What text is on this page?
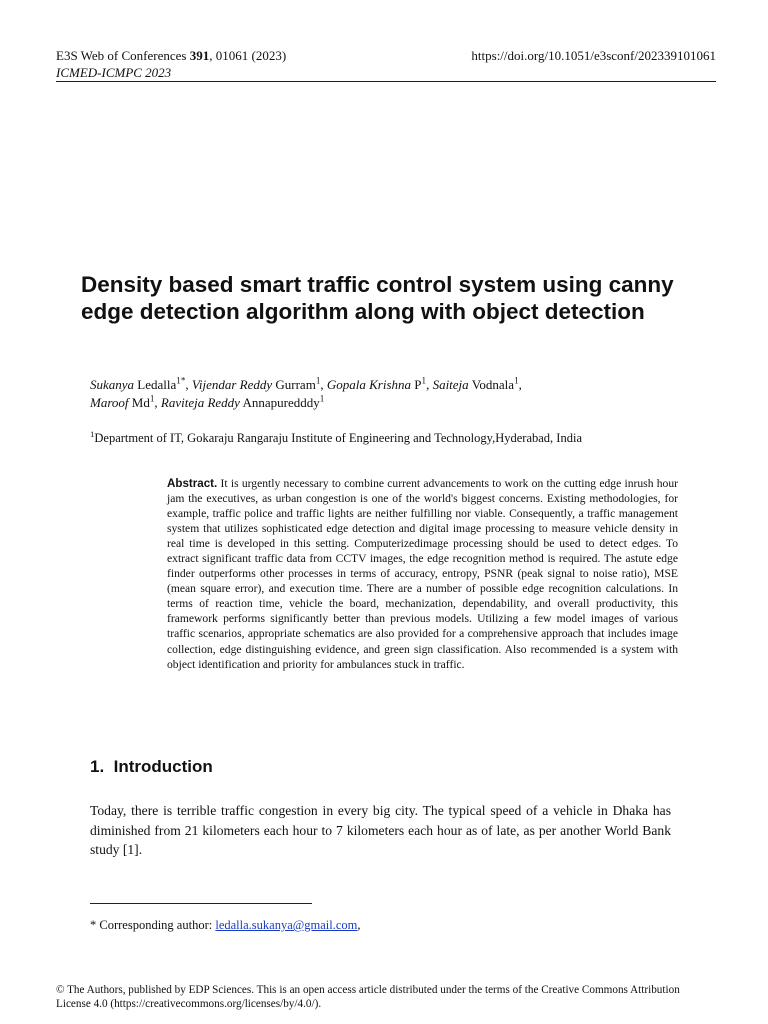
E3S Web of Conferences 391, 01061 (2023)
ICMED-ICMPC 2023
https://doi.org/10.1051/e3sconf/202339101061
Density based smart traffic control system using canny edge detection algorithm along with object detection
Sukanya Ledalla$^{1*}$, Vijendar Reddy Gurram$^1$, Gopala Krishna $P^1$, Saiteja Vodnala$^1$,
Maroof Md$^1$, Raviteja Reddy Annapuredddy$^1$
$^1$Department of IT, Gokaraju Rangaraju Institute of Engineering and Technology,Hyderabad, India
Abstract. It is urgently necessary to combine current advancements to work on the cutting edge inrush hour jam the executives, as urban congestion is one of the world's biggest concerns. Existing methodologies, for example, traffic police and traffic lights are neither fulfilling nor viable. Consequently, a traffic management system that utilizes sophisticated edge detection and digital image processing to measure vehicle density in real time is developed in this setting. Computerizedimage processing should be used to detect edges. To extract significant traffic data from CCTV images, the edge recognition method is required. The astute edge finder outperforms other processes in terms of accuracy, entropy, PSNR (peak signal to noise ratio), MSE (mean square error), and execution time. There are a number of possible edge recognition calculations. In terms of reaction time, vehicle the board, mechanization, dependability, and overall productivity, this framework performs significantly better than previous models. Utilizing a few model images of various traffic scenarios, appropriate schematics are also provided for a comprehensive approach that includes image collection, edge distinguishing evidence, and green sign classification. Also recommended is a system with object identification and priority for ambulances stuck in traffic.
1. Introduction
Today, there is terrible traffic congestion in every big city. The typical speed of a vehicle in Dhaka has diminished from 21 kilometers each hour to 7 kilometers each hour as of late, as per another World Bank study [1].
* Corresponding author: ledalla.sukanya@gmail.com,
© The Authors, published by EDP Sciences. This is an open access article distributed under the terms of the Creative Commons Attribution License 4.0 (https://creativecommons.org/licenses/by/4.0/).
